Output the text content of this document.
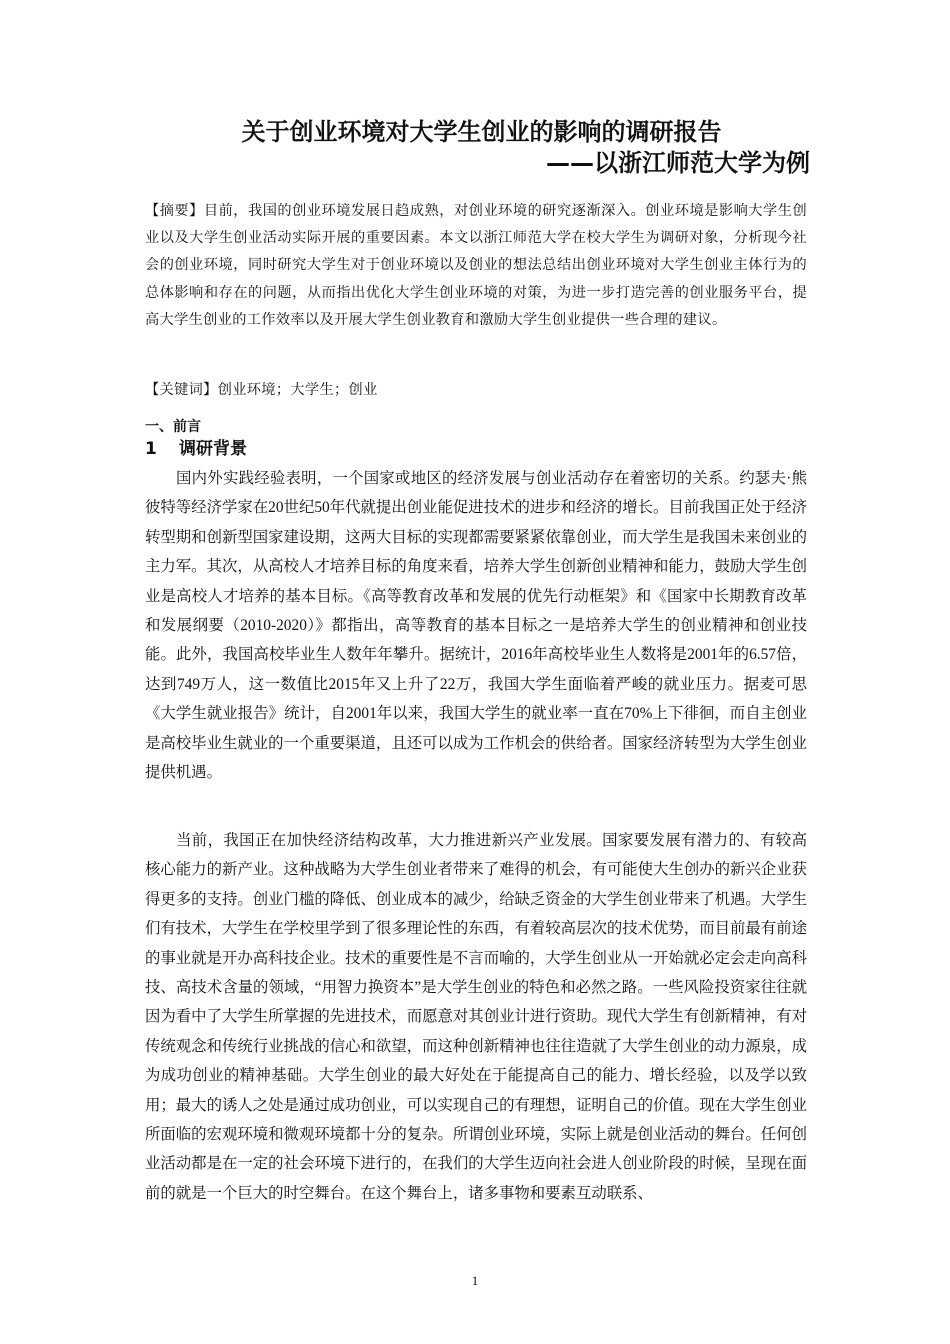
关于创业环境对大学生创业的影响的调研报告
——以浙江师范大学为例
【摘要】目前，我国的创业环境发展日趋成熟，对创业环境的研究逐渐深入。创业环境是影响大学生创业以及大学生创业活动实际开展的重要因素。本文以浙江师范大学在校大学生为调研对象，分析现今社会的创业环境，同时研究大学生对于创业环境以及创业的想法总结出创业环境对大学生创业主体行为的总体影响和存在的问题，从而指出优化大学生创业环境的对策，为进一步打造完善的创业服务平台，提高大学生创业的工作效率以及开展大学生创业教育和激励大学生创业提供一些合理的建议。
【关键词】创业环境；大学生；创业
一、前言
1 调研背景
国内外实践经验表明，一个国家或地区的经济发展与创业活动存在着密切的关系。约瑟夫·熊彼特等经济学家在20世纪50年代就提出创业能促进技术的进步和经济的增长。目前我国正处于经济转型期和创新型国家建设期，这两大目标的实现都需要紧紧依靠创业，而大学生是我国未来创业的主力军。其次，从高校人才培养目标的角度来看，培养大学生创新创业精神和能力，鼓励大学生创业是高校人才培养的基本目标。《高等教育改革和发展的优先行动框架》和《国家中长期教育改革和发展纲要（2010-2020）》都指出，高等教育的基本目标之一是培养大学生的创业精神和创业技能。此外，我国高校毕业生人数年年攀升。据统计，2016年高校毕业生人数将是2001年的6.57倍，达到749万人，这一数值比2015年又上升了22万，我国大学生面临着严峻的就业压力。据麦可思《大学生就业报告》统计，自2001年以来，我国大学生的就业率一直在70%上下徘徊，而自主创业是高校毕业生就业的一个重要渠道，且还可以成为工作机会的供给者。国家经济转型为大学生创业提供机遇。
当前，我国正在加快经济结构改革，大力推进新兴产业发展。国家要发展有潜力的、有较高核心能力的新产业。这种战略为大学生创业者带来了难得的机会，有可能使大生创办的新兴企业获得更多的支持。创业门槛的降低、创业成本的减少，给缺乏资金的大学生创业带来了机遇。大学生们有技术，大学生在学校里学到了很多理论性的东西，有着较高层次的技术优势，而目前最有前途的事业就是开办高科技企业。技术的重要性是不言而喻的，大学生创业从一开始就必定会走向高科技、高技术含量的领域，“用智力换资本”是大学生创业的特色和必然之路。一些风险投资家往往就因为看中了大学生所掌握的先进技术，而愿意对其创业计进行资助。现代大学生有创新精神，有对传统观念和传统行业挑战的信心和欲望，而这种创新精神也往往造就了大学生创业的动力源泉，成为成功创业的精神基础。大学生创业的最大好处在于能提高自己的能力、增长经验，以及学以致用；最大的诱人之处是通过成功创业，可以实现自己的有理想，证明自己的价值。现在大学生创业所面临的宏观环境和微观环境都十分的复杂。所谓创业环境，实际上就是创业活动的舞台。任何创业活动都是在一定的社会环境下进行的，在我们的大学生迈向社会进人创业阶段的时候，呈现在面前的就是一个巨大的时空舞台。在这个舞台上，诸多事物和要素互动联系、
1
